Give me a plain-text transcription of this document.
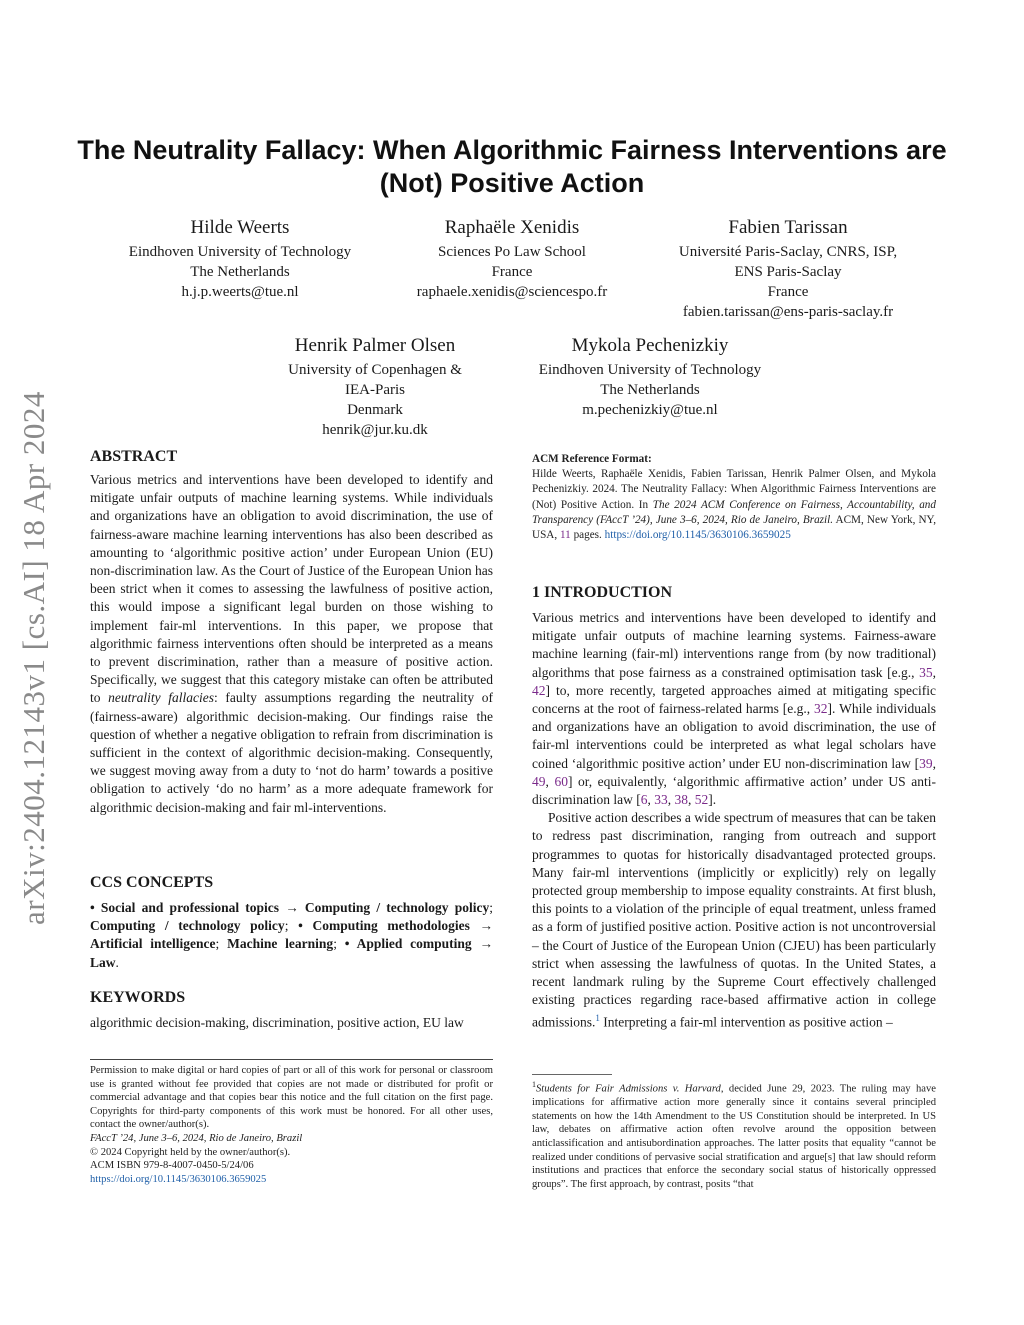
arXiv:2404.12143v1 [cs.AI] 18 Apr 2024
The Neutrality Fallacy: When Algorithmic Fairness Interventions are (Not) Positive Action
Hilde Weerts
Eindhoven University of Technology
The Netherlands
h.j.p.weerts@tue.nl
Raphaële Xenidis
Sciences Po Law School
France
raphaele.xenidis@sciencespo.fr
Fabien Tarissan
Université Paris-Saclay, CNRS, ISP,
ENS Paris-Saclay
France
fabien.tarissan@ens-paris-saclay.fr
Henrik Palmer Olsen
University of Copenhagen &
IEA-Paris
Denmark
henrik@jur.ku.dk
Mykola Pechenizkiy
Eindhoven University of Technology
The Netherlands
m.pechenizkiy@tue.nl
ABSTRACT

Various metrics and interventions have been developed to identify and mitigate unfair outputs of machine learning systems. While individuals and organizations have an obligation to avoid discrimination, the use of fairness-aware machine learning interventions has also been described as amounting to ‘algorithmic positive action’ under European Union (EU) non-discrimination law. As the Court of Justice of the European Union has been strict when it comes to assessing the lawfulness of positive action, this would impose a significant legal burden on those wishing to implement fair-ml interventions. In this paper, we propose that algorithmic fairness interventions often should be interpreted as a means to prevent discrimination, rather than a measure of positive action. Specifically, we suggest that this category mistake can often be attributed to neutrality fallacies: faulty assumptions regarding the neutrality of (fairness-aware) algorithmic decision-making. Our findings raise the question of whether a negative obligation to refrain from discrimination is sufficient in the context of algorithmic decision-making. Consequently, we suggest moving away from a duty to ‘not do harm’ towards a positive obligation to actively ‘do no harm’ as a more adequate framework for algorithmic decision-making and fair ml-interventions.

CCS CONCEPTS

• Social and professional topics → Computing / technology policy; Computing / technology policy; • Computing methodologies → Artificial intelligence; Machine learning; • Applied computing → Law.

KEYWORDS
algorithmic decision-making, discrimination, positive action, EU law
Permission to make digital or hard copies of part or all of this work for personal or classroom use is granted without fee provided that copies are not made or distributed for profit or commercial advantage and that copies bear this notice and the full citation on the first page. Copyrights for third-party components of this work must be honored. For all other uses, contact the owner/author(s).
FAccT ’24, June 3–6, 2024, Rio de Janeiro, Brazil
© 2024 Copyright held by the owner/author(s).
ACM ISBN 979-8-4007-0450-5/24/06
https://doi.org/10.1145/3630106.3659025
ACM Reference Format:
Hilde Weerts, Raphaële Xenidis, Fabien Tarissan, Henrik Palmer Olsen, and Mykola Pechenizkiy. 2024. The Neutrality Fallacy: When Algorithmic Fairness Interventions are (Not) Positive Action. In The 2024 ACM Conference on Fairness, Accountability, and Transparency (FAccT ’24), June 3–6, 2024, Rio de Janeiro, Brazil. ACM, New York, NY, USA, 11 pages. https://doi.org/10.1145/3630106.3659025
1 INTRODUCTION

Various metrics and interventions have been developed to identify and mitigate unfair outputs of machine learning systems. Fairness-aware machine learning (fair-ml) interventions range from (by now traditional) algorithms that pose fairness as a constrained optimisation task [e.g., 35, 42] to, more recently, targeted approaches aimed at mitigating specific concerns at the root of fairness-related harms [e.g., 32]. While individuals and organizations have an obligation to avoid discrimination, the use of fair-ml interventions could be interpreted as what legal scholars have coined ‘algorithmic positive action’ under EU non-discrimination law [39, 49, 60] or, equivalently, ‘algorithmic affirmative action’ under US anti-discrimination law [6, 33, 38, 52].

Positive action describes a wide spectrum of measures that can be taken to redress past discrimination, ranging from outreach and support programmes to quotas for historically disadvantaged protected groups. Many fair-ml interventions (implicitly or explicitly) rely on legally protected group membership to impose equality constraints. At first blush, this points to a violation of the principle of equal treatment, unless framed as a form of justified positive action. Positive action is not uncontroversial – the Court of Justice of the European Union (CJEU) has been particularly strict when assessing the lawfulness of quotas. In the United States, a recent landmark ruling by the Supreme Court effectively challenged existing practices regarding race-based affirmative action in college admissions.$^1$ Interpreting a fair-ml intervention as positive action –

$^1$Students for Fair Admissions v. Harvard, decided June 29, 2023. The ruling may have implications for affirmative action more generally since it contains several principled statements on how the 14th Amendment to the US Constitution should be interpreted. In US law, debates on affirmative action often revolve around the opposition between anticlassification and antisubordination approaches. The latter posits that equality “cannot be realized under conditions of pervasive social stratification and argue[s] that law should reform institutions and practices that enforce the secondary social status of historically oppressed groups”. The first approach, by contrast, posits “that
